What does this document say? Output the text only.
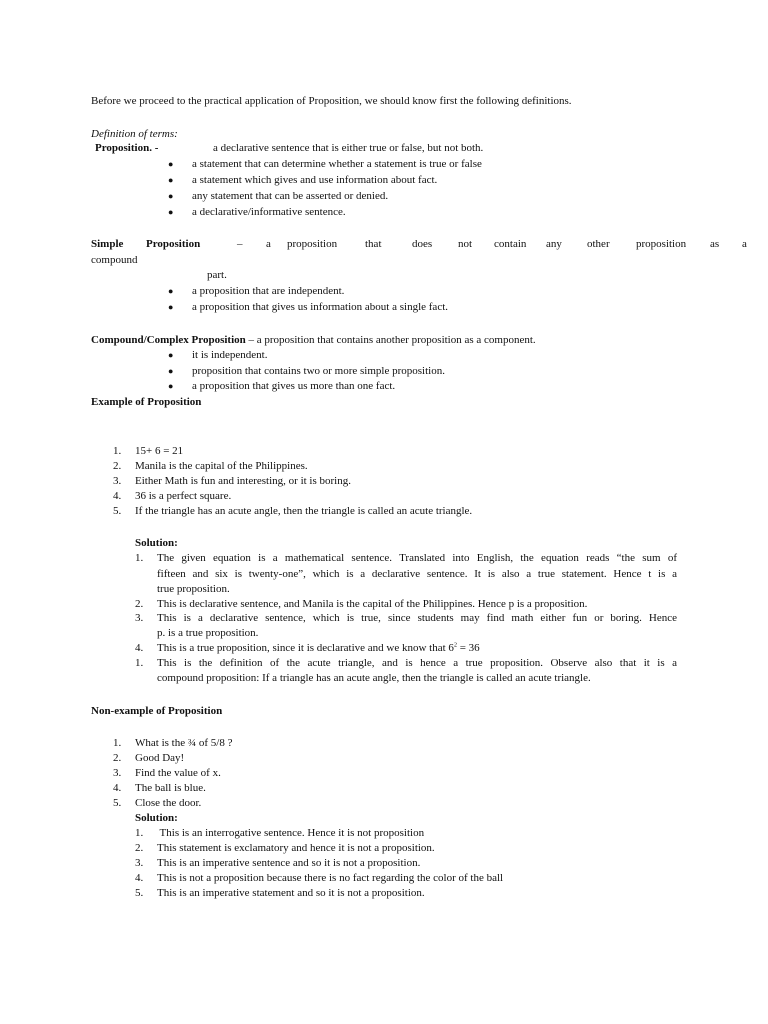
Before we proceed to the practical application of Proposition, we should know first the following definitions.
Definition of terms:
Proposition. -	a declarative sentence that is either true or false, but not both.
● a statement that can determine whether a statement is true or false
● a statement which gives and use information about fact.
● any statement that can be asserted or denied.
● a declarative/informative sentence.
Simple Proposition	– a proposition	that	does not contain any other proposition as a
compound
part.
● a proposition that are independent.
● a proposition that gives us information about a single fact.
Compound/Complex Proposition – a proposition that contains another proposition as a component.
● it is independent.
● proposition that contains two or more simple proposition.
● a proposition that gives us more than one fact.
Example of Proposition
1.	15+ 6 = 21
2.	Manila is the capital of the Philippines.
3.	Either Math is fun and interesting, or it is boring.
4.	36 is a perfect square.
5.	If the triangle has an acute angle, then the triangle is called an acute triangle.
Solution:
1.	The given equation is a mathematical sentence. Translated into English, the equation reads “the sum of
fifteen and six is twenty-one”, which is a declarative sentence. It is also a true statement. Hence t is a
true proposition.
2.	This is declarative sentence, and Manila is the capital of the Philippines. Hence p is a proposition.
3.	This is a declarative sentence, which is true, since students may find math either fun or boring. Hence
p. is a true proposition.
4.	This is a true proposition, since it is declarative and we know that $6^2 = 36$
1.	This is the definition of the acute triangle, and is hence a true proposition. Observe also that it is a
compound proposition: If a triangle has an acute angle, then the triangle is called an acute triangle.
Non-example of Proposition
1.	What is the ¾ of 5/8 ?
2.	Good Day!
3.	Find the value of x.
4.	The ball is blue.
5.	Close the door.
Solution:
1.	This is an interrogative sentence. Hence it is not proposition
2.	This statement is exclamatory and hence it is not a proposition.
3.	This is an imperative sentence and so it is not a proposition.
4.	This is not a proposition because there is no fact regarding the color of the ball
5.	This is an imperative statement and so it is not a proposition.
